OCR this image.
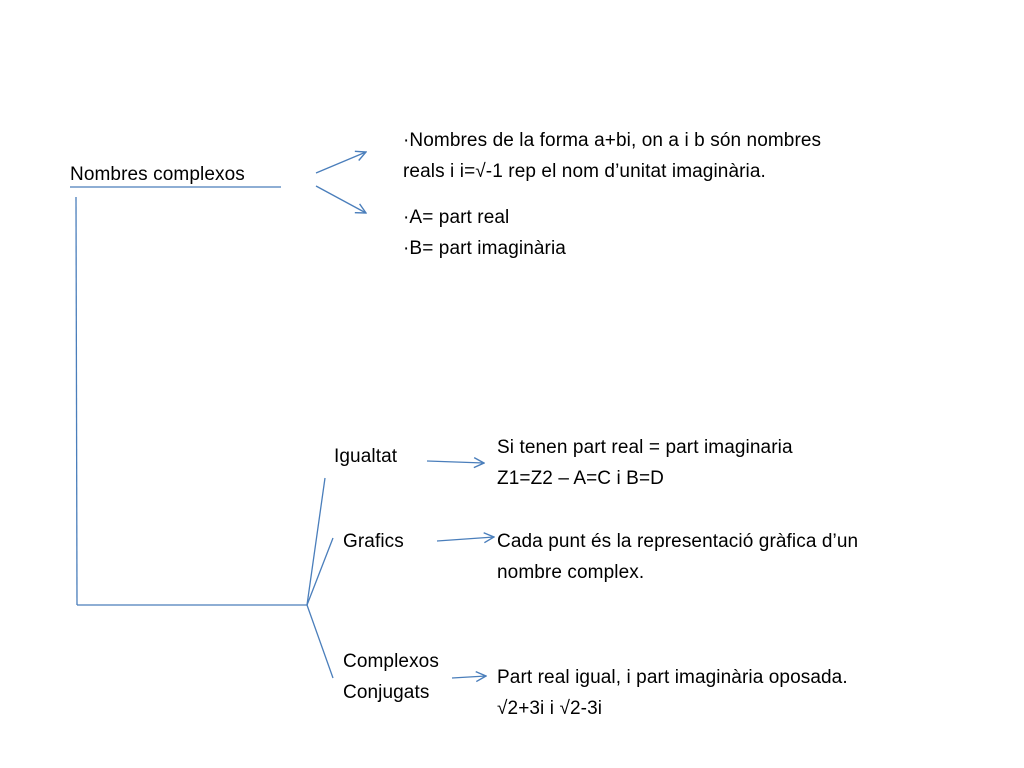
Nombres complexos
·Nombres de la forma a+bi, on a i b són nombres
reals i i=√-1 rep el nom d’unitat imaginària.
·A= part real
·B= part imaginària
Igualtat	Si tenen part real = part imaginaria
Z1=Z2 – A=C i B=D
Grafics	Cada punt és la representació gràfica d’un
nombre complex.
Complexos
Conjugats
Part real igual, i part imaginària oposada.
√2+3i i √2-3i
